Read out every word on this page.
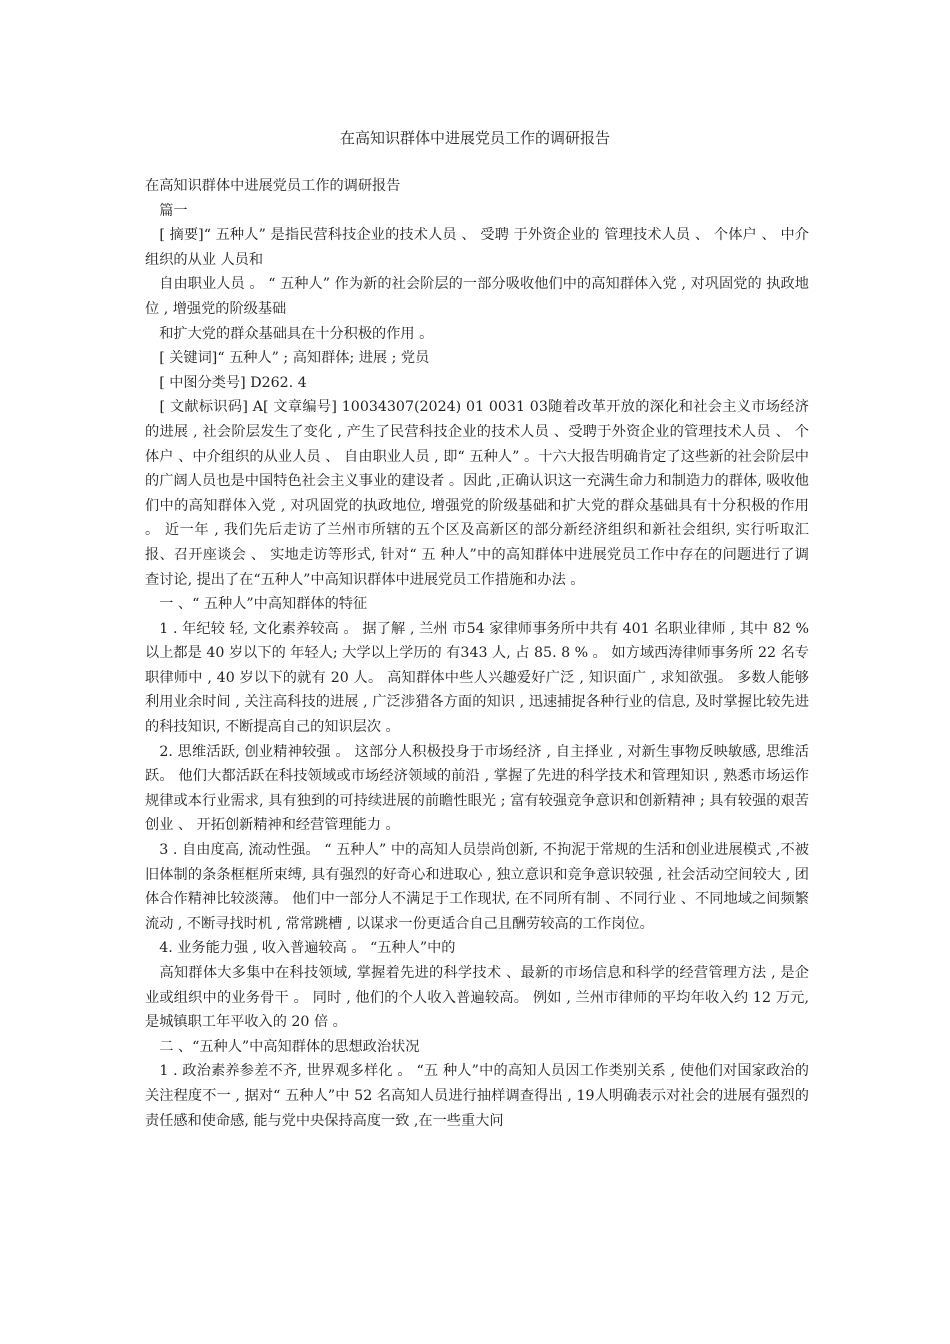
在高知识群体中进展党员工作的调研报告

在高知识群体中进展党员工作的调研报告

　篇一

　[ 摘要]“ 五种人” 是指民营科技企业的技术人员 、 受聘 于外资企业的 管理技术人员 、 个体户 、 中介组织的从业 人员和

　自由职业人员 。 “ 五种人” 作为新的社会阶层的一部分吸收他们中的高知群体入党 , 对巩固党的 执政地位 , 增强党的阶级基础

　和扩大党的群众基础具在十分积极的作用 。

　[ 关键词]“ 五种人” ; 高知群体; 进展 ; 党员

　[ 中图分类号] D262. 4

　[ 文献标识码] A[ 文章编号] 10034307(2024) 01 0031 03随着改革开放的深化和社会主义市场经济的进展 , 社会阶层发生了变化 , 产生了民营科技企业的技术人员 、受聘于外资企业的管理技术人员 、 个体户 、中介组织的从业人员 、 自由职业人员 , 即“ 五种人” 。十六大报告明确肯定了这些新的社会阶层中的广阔人员也是中国特色社会主义事业的建设者 。因此 ,正确认识这一充满生命力和制造力的群体, 吸收他们中的高知群体入党 , 对巩固党的执政地位, 增强党的阶级基础和扩大党的群众基础具有十分积极的作用 。 近一年 , 我们先后走访了兰州市所辖的五个区及高新区的部分新经济组织和新社会组织, 实行听取汇报、召开座谈会 、 实地走访等形式, 针对“ 五 种人”中的高知群体中进展党员工作中存在的问题进行了调查讨论, 提出了在“五种人”中高知识群体中进展党员工作措施和办法 。

　一 、“ 五种人”中高知群体的特征

　1 . 年纪较 轻, 文化素养较高 。 据了解 , 兰州 市54 家律师事务所中共有 401 名职业律师 , 其中 82 %以上都是 40 岁以下的 年轻人; 大学以上学历的 有343 人, 占 85. 8 % 。 如方域西涛律师事务所 22 名专职律师中 , 40 岁以下的就有 20 人。 高知群体中些人兴趣爱好广泛 , 知识面广 , 求知欲强。 多数人能够利用业余时间 , 关注高科技的进展 , 广泛涉猎各方面的知识 , 迅速捕捉各种行业的信息, 及时掌握比较先进的科技知识, 不断提高自己的知识层次 。

　2. 思维活跃, 创业精神较强 。 这部分人积极投身于市场经济 , 自主择业 , 对新生事物反映敏感, 思维活跃。 他们大都活跃在科技领域或市场经济领域的前沿 , 掌握了先进的科学技术和管理知识 , 熟悉市场运作规律或本行业需求, 具有独到的可持续进展的前瞻性眼光 ; 富有较强竞争意识和创新精神 ; 具有较强的艰苦创业 、 开拓创新精神和经营管理能力 。

　3 . 自由度高, 流动性强。 “ 五种人” 中的高知人员崇尚创新, 不拘泥于常规的生活和创业进展模式 ,不被旧体制的条条框框所束缚, 具有强烈的好奇心和进取心 , 独立意识和竞争意识较强 , 社会活动空间较大 , 团体合作精神比较淡薄。 他们中一部分人不满足于工作现状, 在不同所有制 、不同行业 、不同地域之间频繁流动 , 不断寻找时机 , 常常跳槽 , 以谋求一份更适合自己且酬劳较高的工作岗位。

　4. 业务能力强 , 收入普遍较高 。 “五种人”中的

　高知群体大多集中在科技领域, 掌握着先进的科学技术 、最新的市场信息和科学的经营管理方法 , 是企业或组织中的业务骨干 。 同时 , 他们的个人收入普遍较高。 例如 , 兰州市律师的平均年收入约 12 万元, 是城镇职工年平收入的 20 倍 。

　二 、“五种人”中高知群体的思想政治状况

　1 . 政治素养参差不齐, 世界观多样化 。 “五 种人”中的高知人员因工作类别关系 , 使他们对国家政治的关注程度不一 , 据对“ 五种人”中 52 名高知人员进行抽样调查得出 , 19人明确表示对社会的进展有强烈的责任感和使命感, 能与党中央保持高度一致 ,在一些重大问
